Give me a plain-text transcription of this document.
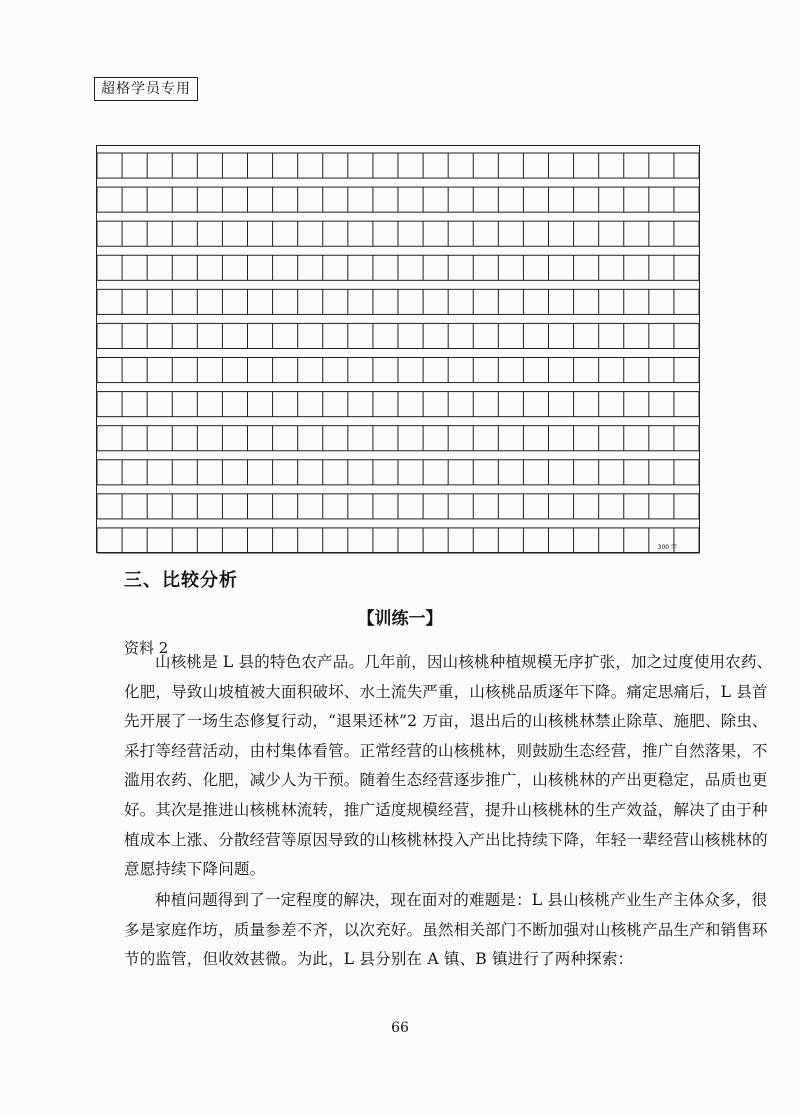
超格学员专用
300 字
三、比较分析
【训练一】
资料 2
山核桃是 L 县的特色农产品。几年前，因山核桃种植规模无序扩张，加之过度使用农药、
化肥，导致山坡植被大面积破坏、水土流失严重，山核桃品质逐年下降。痛定思痛后，L 县首
先开展了一场生态修复行动，“退果还林”2 万亩，退出后的山核桃林禁止除草、施肥、除虫、
采打等经营活动，由村集体看管。正常经营的山核桃林，则鼓励生态经营，推广自然落果，不
滥用农药、化肥，减少人为干预。随着生态经营逐步推广，山核桃林的产出更稳定，品质也更
好。其次是推进山核桃林流转，推广适度规模经营，提升山核桃林的生产效益，解决了由于种
植成本上涨、分散经营等原因导致的山核桃林投入产出比持续下降，年轻一辈经营山核桃林的
意愿持续下降问题。
种植问题得到了一定程度的解决，现在面对的难题是：L 县山核桃产业生产主体众多，很
多是家庭作坊，质量参差不齐，以次充好。虽然相关部门不断加强对山核桃产品生产和销售环
节的监管，但收效甚微。为此，L 县分别在 A 镇、B 镇进行了两种探索：
66
